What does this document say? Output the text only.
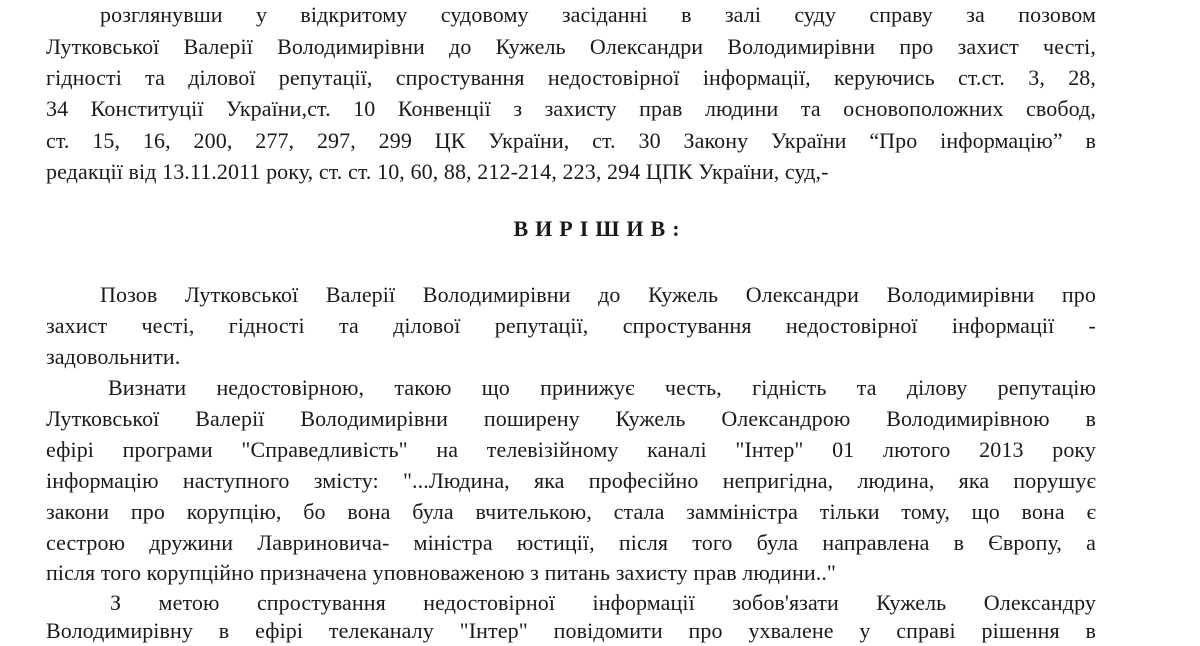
розглянувши у відкритому судовому засіданні в залі суду справу за позовом
Лутковської Валерії Володимирівни до Кужель Олександри Володимирівни про захист честі,
гідності та ділової репутації, спростування недостовірної інформації, керуючись ст.ст. 3, 28,
34 Конституції України,ст. 10 Конвенції з захисту прав людини та основоположних свобод,
ст. 15, 16, 200, 277, 297, 299 ЦК України, ст. 30 Закону України “Про інформацію” в
редакції від 13.11.2011 року, ст. ст. 10, 60, 88, 212-214, 223, 294 ЦПК України, суд,-
ВИРІШИВ:
Позов Лутковської Валерії Володимирівни до Кужель Олександри Володимирівни про
захист честі, гідності та ділової репутації, спростування недостовірної інформації -
задовольнити.
Визнати недостовірною, такою що принижує честь, гідність та ділову репутацію
Лутковської Валерії Володимирівни поширену Кужель Олександрою Володимирівною в
ефірі програми "Справедливість" на телевізійному каналі "Інтер" 01 лютого 2013 року
інформацію наступного змісту: "...Людина, яка професійно непригідна, людина, яка порушує
закони про корупцію, бо вона була вчителькою, стала замміністра тільки тому, що вона є
сестрою дружини Лавриновича- міністра юстиції, після того була направлена в Європу, а
після того корупційно призначена уповноваженою з питань захисту прав людини.."
З метою спростування недостовірної інформації зобов'язати Кужель Олександру
Володимирівну в ефірі телеканалу "Інтер" повідомити про ухвалене у справі рішення в
